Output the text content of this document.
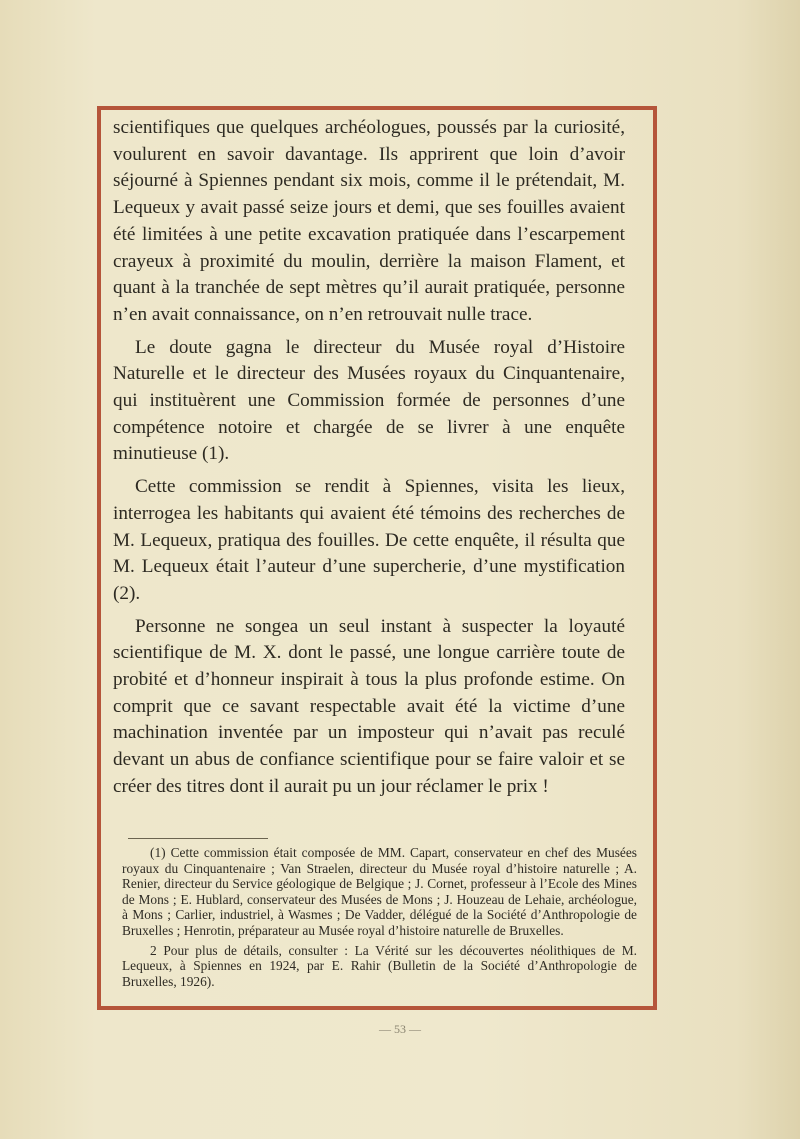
scientifiques que quelques archéologues, poussés par la curiosité, voulurent en savoir davantage. Ils apprirent que loin d’avoir séjourné à Spiennes pendant six mois, comme il le prétendait, M. Lequeux y avait passé seize jours et demi, que ses fouilles avaient été limitées à une petite excavation pratiquée dans l’escarpement crayeux à proximité du moulin, derrière la maison Flament, et quant à la tranchée de sept mètres qu’il aurait pratiquée, personne n’en avait connaissance, on n’en retrouvait nulle trace.

Le doute gagna le directeur du Musée royal d’Histoire Naturelle et le directeur des Musées royaux du Cinquantenaire, qui instituèrent une Commission formée de personnes d’une compétence notoire et chargée de se livrer à une enquête minutieuse (1).

Cette commission se rendit à Spiennes, visita les lieux, interrogea les habitants qui avaient été témoins des recherches de M. Lequeux, pratiqua des fouilles. De cette enquête, il résulta que M. Lequeux était l’auteur d’une supercherie, d’une mystification (2).

Personne ne songea un seul instant à suspecter la loyauté scientifique de M. X. dont le passé, une longue carrière toute de probité et d’honneur inspirait à tous la plus profonde estime. On comprit que ce savant respectable avait été la victime d’une machination inventée par un imposteur qui n’avait pas reculé devant un abus de confiance scientifique pour se faire valoir et se créer des titres dont il aurait pu un jour réclamer le prix !

(1) Cette commission était composée de MM. Capart, conservateur en chef des Musées royaux du Cinquantenaire ; Van Straelen, directeur du Musée royal d’histoire naturelle ; A. Renier, directeur du Service géologique de Belgique ; J. Cornet, professeur à l’Ecole des Mines de Mons ; E. Hublard, conservateur des Musées de Mons ; J. Houzeau de Lehaie, archéologue, à Mons ; Carlier, industriel, à Wasmes ; De Vadder, délégué de la Société d’Anthropologie de Bruxelles ; Henrotin, préparateur au Musée royal d’histoire naturelle de Bruxelles.

2 Pour plus de détails, consulter : La Vérité sur les découvertes néolithiques de M. Lequeux, à Spiennes en 1924, par E. Rahir (Bulletin de la Société d’Anthropologie de Bruxelles, 1926).

— 53 —
